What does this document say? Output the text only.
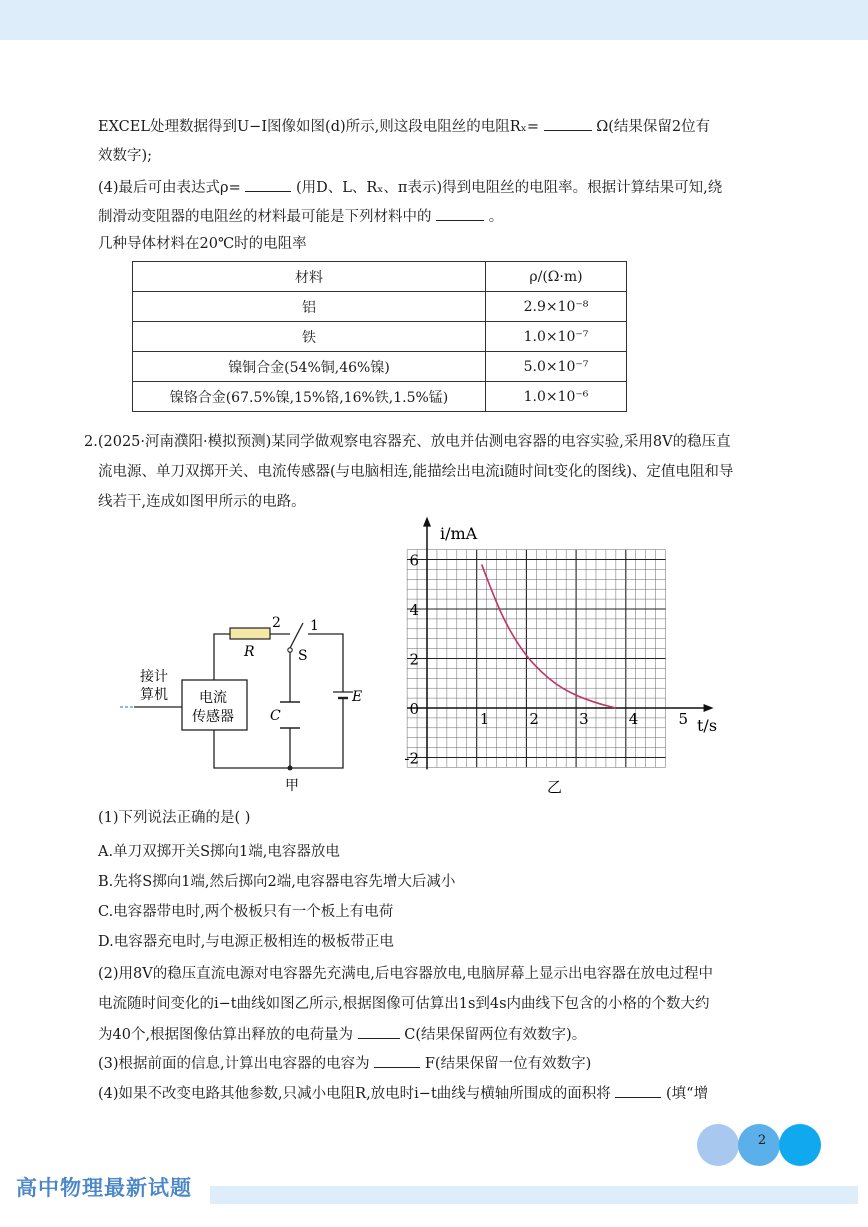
EXCEL处理数据得到U−I图像如图(d)所示,则这段电阻丝的电阻Rₓ=	Ω(结果保留2位有
效数字);
(4)最后可由表达式ρ=	(用D、L、Rₓ、π表示)得到电阻丝的电阻率。根据计算结果可知,绕
制滑动变阻器的电阻丝的材料最可能是下列材料中的	。
几种导体材料在20℃时的电阻率
材料	ρ/(Ω·m)
铝	2.9×10⁻⁸
铁	1.0×10⁻⁷
镍铜合金(54%铜,46%镍)	5.0×10⁻⁷
镍铬合金(67.5%镍,15%铬,16%铁,1.5%锰)	1.0×10⁻⁶
2.(2025·河南濮阳·模拟预测)某同学做观察电容器充、放电并估测电容器的电容实验,采用8V的稳压直
流电源、单刀双掷开关、电流传感器(与电脑相连,能描绘出电流i随时间t变化的图线)、定值电阻和导
线若干,连成如图甲所示的电路。
接计
算机 电流
传感器
2
R
1
S
E
C
甲
6
4
2
0
-2
1	2	3	4	5
i/mA
t/s
乙
(1)下列说法正确的是( )
A.单刀双掷开关S掷向1端,电容器放电
B.先将S掷向1端,然后掷向2端,电容器电容先增大后减小
C.电容器带电时,两个极板只有一个板上有电荷
D.电容器充电时,与电源正极相连的极板带正电
(2)用8V的稳压直流电源对电容器先充满电,后电容器放电,电脑屏幕上显示出电容器在放电过程中
电流随时间变化的i−t曲线如图乙所示,根据图像可估算出1s到4s内曲线下包含的小格的个数大约
为40个,根据图像估算出释放的电荷量为	C(结果保留两位有效数字)。
(3)根据前面的信息,计算出电容器的电容为	F(结果保留一位有效数字)
(4)如果不改变电路其他参数,只减小电阻R,放电时i−t曲线与横轴所围成的面积将	(填“增
2
高中物理最新试题
